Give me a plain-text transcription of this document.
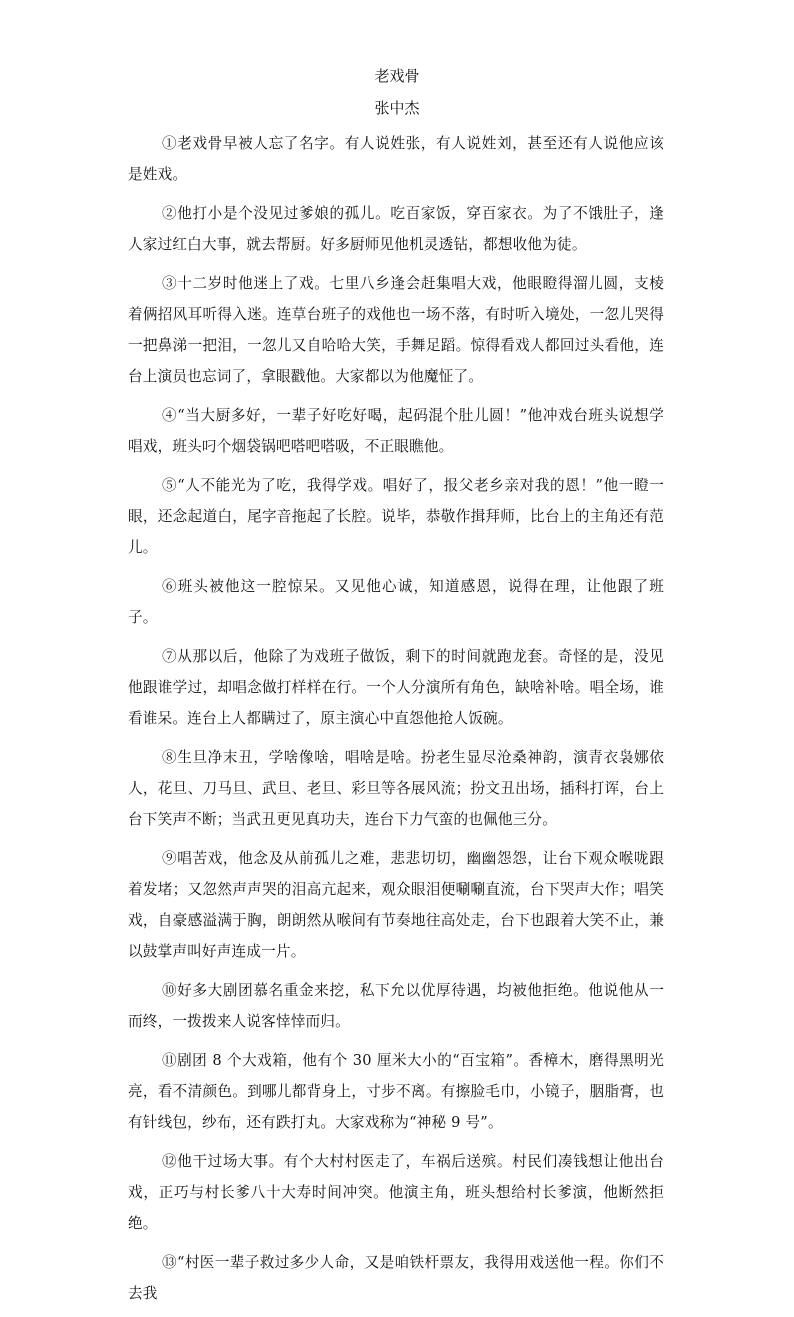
老戏骨
张中杰

①老戏骨早被人忘了名字。有人说姓张，有人说姓刘，甚至还有人说他应该是姓戏。

②他打小是个没见过爹娘的孤儿。吃百家饭，穿百家衣。为了不饿肚子，逢人家过红白大事，就去帮厨。好多厨师见他机灵透钻，都想收他为徒。

③十二岁时他迷上了戏。七里八乡逢会赶集唱大戏，他眼瞪得溜儿圆，支棱着俩招风耳听得入迷。连草台班子的戏他也一场不落，有时听入境处，一忽儿哭得一把鼻涕一把泪，一忽儿又自哈哈大笑，手舞足蹈。惊得看戏人都回过头看他，连台上演员也忘词了，拿眼戳他。大家都以为他魔怔了。

④“当大厨多好，一辈子好吃好喝，起码混个肚儿圆！”他冲戏台班头说想学唱戏，班头叼个烟袋锅吧嗒吧嗒吸，不正眼瞧他。

⑤“人不能光为了吃，我得学戏。唱好了，报父老乡亲对我的恩！”他一瞪一眼，还念起道白，尾字音拖起了长腔。说毕，恭敬作揖拜师，比台上的主角还有范儿。

⑥班头被他这一腔惊呆。又见他心诚，知道感恩，说得在理，让他跟了班子。

⑦从那以后，他除了为戏班子做饭，剩下的时间就跑龙套。奇怪的是，没见他跟谁学过，却唱念做打样样在行。一个人分演所有角色，缺啥补啥。唱全场，谁看谁呆。连台上人都瞒过了，原主演心中直怨他抢人饭碗。

⑧生旦净末丑，学啥像啥，唱啥是啥。扮老生显尽沧桑神韵，演青衣袅娜依人，花旦、刀马旦、武旦、老旦、彩旦等各展风流；扮文丑出场，插科打诨，台上台下笑声不断；当武丑更见真功夫，连台下力气蛮的也佩他三分。

⑨唱苦戏，他念及从前孤儿之难，悲悲切切，幽幽怨怨，让台下观众喉咙跟着发堵；又忽然声声哭的泪高亢起来，观众眼泪便唰唰直流，台下哭声大作；唱笑戏，自豪感溢满于胸，朗朗然从喉间有节奏地往高处走，台下也跟着大笑不止，兼以鼓掌声叫好声连成一片。

⑩好多大剧团慕名重金来挖，私下允以优厚待遇，均被他拒绝。他说他从一而终，一拨拨来人说客悻悻而归。

⑪剧团 8 个大戏箱，他有个 30 厘米大小的“百宝箱”。香樟木，磨得黑明光亮，看不清颜色。到哪儿都背身上，寸步不离。有擦脸毛巾，小镜子，胭脂膏，也有针线包，纱布，还有跌打丸。大家戏称为“神秘 9 号”。

⑫他干过场大事。有个大村村医走了，车祸后送殡。村民们凑钱想让他出台戏，正巧与村长爹八十大寿时间冲突。他演主角，班头想给村长爹演，他断然拒绝。

⑬“村医一辈子救过多少人命，又是咱铁杆票友，我得用戏送他一程。你们不去我
